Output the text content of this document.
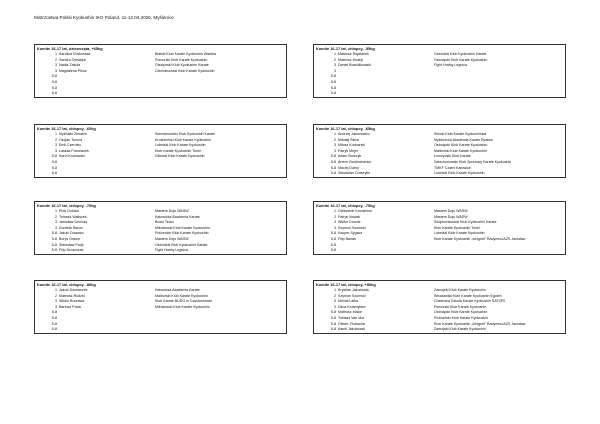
Mistrzostwa Polski Kyokushin IKO Poland, 11-12.04.2026, Myślenice
Kumite 16-17 lat, dziewczęta, +65kg
1 Karolina Grotowska	Białski Klub Karate Kyokushin Wataha
2 Sandra Owsiejuk	Pomorski Klub Karate Kyokushin
3 Nadia Zakuła	Olsztyński Klub Kyokushin Karate
3 Magdalena Pikus	Ciechanowski Klub Karate Kyokushin
5-8
5-8
5-8
5-8
Kumite 16-17 lat, chłopcy, -55kg
1 Mateusz Rajatanek	Ostródzki Klub Kyokushin Karate
2 Mateusz Mostył	Ostrołęcki Klub Karate Kyokushin
3 Daniel Brachlikowski	Fight Hobby Legnica
3
5-8
5-8
5-8
5-8
Kumite 16-17 lat, chłopcy, -60kg
1 Mykhailo Zimakin	Siemianowicki Klub Kyokushin Karate
2 Oscjan Turcza	Krośnieński Klub Karate Kyokushin
3 Emil Czernlec	Lubelski Klub Karate Kyokushin
3 Lasksa Franciszek	Klub Karate Kyokushin Toshi
5-8 Karol Krukowski	Gliwicki Klub Karate Kyokushin
5-8
5-8
5-8
Kumite 16-17 lat, chłopcy, -65kg
1 Andrzej Jaworowicz	Kielski Klub Karate Kyokushinkai
2 Mikołaj Śliwa	Myślenicka Akademia Karate Byakko
3 Miłosz Kocharski	Ostrołęcki Klub Karate Kyokushin
3 Patryk Mejer	Malborski Klub Karate Kyokushin
5-8 Adam Burczyk	Łomżyński Klub Karate
5-8 Artem Ovsishchenko	Dzierżoniowski Klub Sportowy Karate Kyokushin
5-8 Maciej Dobry	TMKF Czarni Katowice
5-8 Sebastian Chavrytło	Lubelski Klub Karate Kyokushin
Kumite 16-17 lat, chłopcy, -70kg
1 Piotr Dziuba	Masters Dojo WAŚW
2 Tomasz Waliszek	Katowicka Akademia Karate
3 Jarosław Geniusz	Bushi Team
3 Dominik Baron	Mikołowski Klub Karate Kyokushin
5-8 Jakub Żurawicz	Policeckie Klub Karate Kyokushin
5-8 Borys Grauer	Masters Dojo WAŚW
5-8 Stanisław Proje	Ostródzki Klub Kyokushin Karate
5-8 Filip Droszczak	Fight Hobby Legnica
Kumite 16-17 lat, chłopcy, -75kg
1 Oleksandr Kovalchuk	Masters Dojo WAŚW
2 Patryk Nowak	Masters Dojo WAŚW
3 Wiktor Drozdz	Świętochłowicki Klub Kyokushin Karate
3 Szymon Szumski	Klub Karate Kyokushin Toshi
5-8 Kacper Sygacz	Lubelski Klub Karate Kyokushin
5-8 Filip Banaś	Klub Karate Kyokushin „Ichigeki” Radymno/AZS Jarosław
5-8
5-8
Kumite 16-17 lat, chłopcy, -80kg
1 Jakub Dworaczek	Katowicka Akademia Karate
2 Mateusz Rudzki	Malborski Klub Karate Kyokushin
3 Wiktor Burzawa	Klub Karate BUDO w Częstochowie
3 Bartosz Polok	Mikołowski Klub Karate Kyokushin
5-8
5-8
5-8
5-8
Kumite 16-17 lat, chłopcy, +80kg
1 Krystian Jakubczak	Zamojski Klub Karate Kyokushin
2 Szymon Szumski	Wrocławski Klub Karate Kyokushin Egoleń
3 Michał Latka	Chełmska Szkoła Karate Kyokushin SATORI
3 Dima Kolamytsev	Pomorski Klub Karate Kyokushin
5-8 Mateusz Malon	Ostrołęcki Klub Karate Kyokushin
5-8 Tobiasz Van Moi	Poznański Klub Karate Kyokushin
5-8 Oliwer- Rubacha	Klub Karate Kyokushin „Ichigeki” Radymno/AZS Jarosław
5-8 Kamil Jakubczak	Zamojski Klub Karate Kyokushin
